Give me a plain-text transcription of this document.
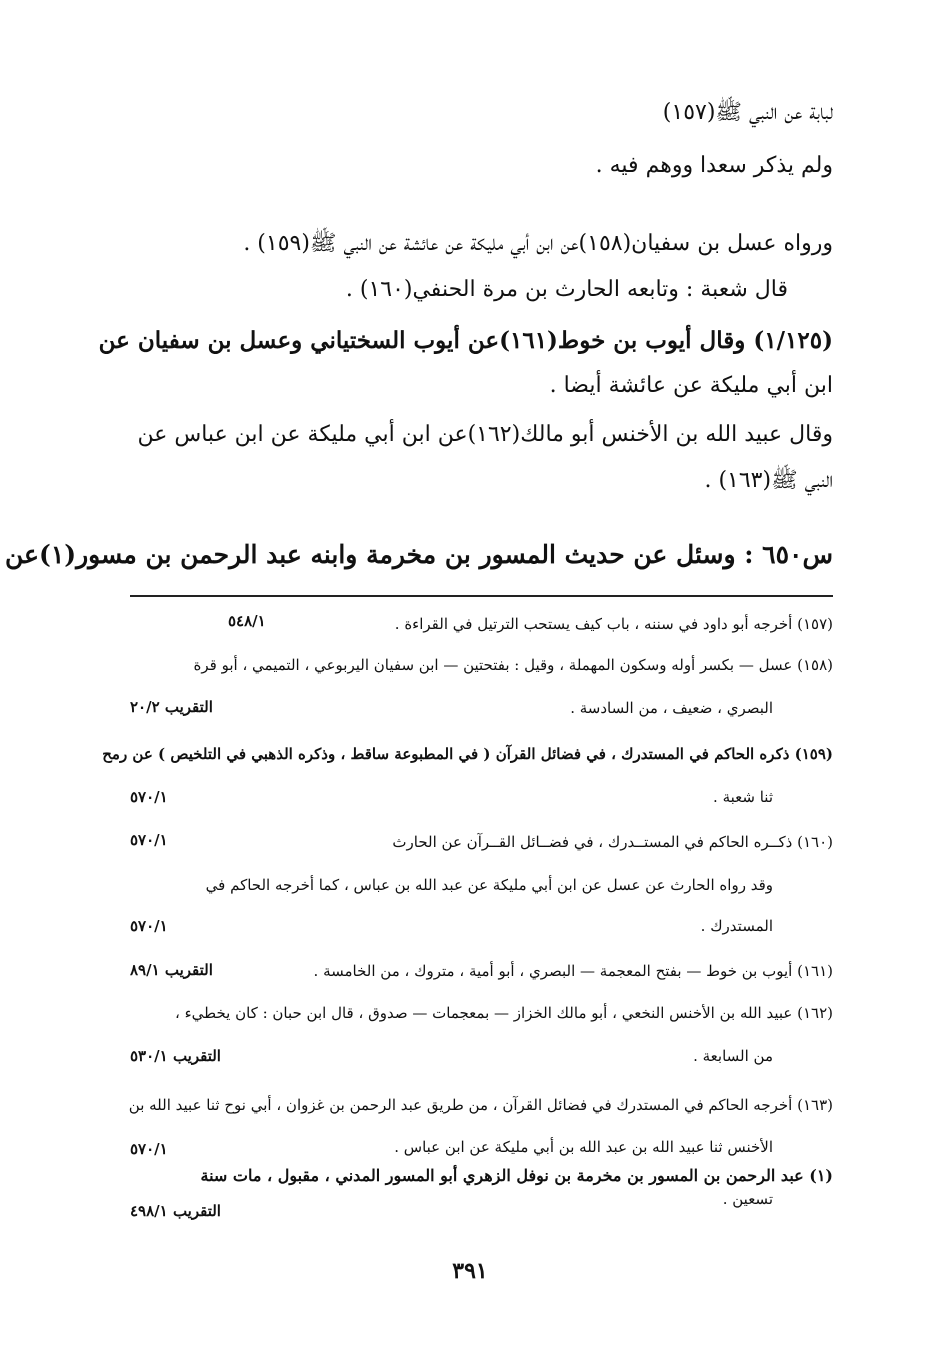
لبابة عن النبي ﷺ(١٥٧)
ولم يذكر سعدا ووهم فيه .
ورواه عسل بن سفيان(١٥٨)عن ابن أبي مليكة عن عائشة عن النبي ﷺ(١٥٩) .
قال شعبة : وتابعه الحارث بن مرة الحنفي(١٦٠) .
(١/١٢٥) وقال أيوب بن خوط(١٦١)عن أيوب السختياني وعسل بن سفيان عن
ابن أبي مليكة عن عائشة أيضا .
وقال عبيد الله بن الأخنس أبو مالك(١٦٢)عن ابن أبي مليكة عن ابن عباس عن
النبي ﷺ(١٦٣) .
س٦٥٠ : وسئل عن حديث المسور بن مخرمة وابنه عبد الرحمن بن مسور(١)عن
(١٥٧) أخرجه أبو داود في سننه ، باب كيف يستحب الترتيل في القراءة .
٥٤٨/١
(١٥٨) عسل — بكسر أوله وسكون المهملة ، وقيل : بفتحتين — ابن سفيان اليربوعي ، التميمي ، أبو قرة
البصري ، ضعيف ، من السادسة .
التقريب ٢٠/٢
(١٥٩) ذكره الحاكم في المستدرك ، في فضائل القرآن ( في المطبوعة ساقط ، وذكره الذهبي في التلخيص ) عن رمح
ثنا شعبة .
٥٧٠/١
(١٦٠) ذكــره الحاكم في المستــدرك ، في فضــائل القــرآن عن الحارث
٥٧٠/١
وقد رواه الحارث عن عسل عن ابن أبي مليكة عن عبد الله بن عباس ، كما أخرجه الحاكم في
المستدرك .
٥٧٠/١
(١٦١) أيوب بن خوط — بفتح المعجمة — البصري ، أبو أمية ، متروك ، من الخامسة .
التقريب ٨٩/١
(١٦٢) عبيد الله بن الأخنس النخعي ، أبو مالك الخزاز — بمعجمات — صدوق ، قال ابن حبان : كان يخطيء ،
من السابعة .
التقريب ٥٣٠/١
(١٦٣) أخرجه الحاكم في المستدرك في فضائل القرآن ، من طريق عبد الرحمن بن غزوان ، أبي نوح ثنا عبيد الله بن
الأخنس ثنا عبيد الله بن عبد الله بن أبي مليكة عن ابن عباس .
٥٧٠/١
(١) عبد الرحمن بن المسور بن مخرمة بن نوفل الزهري أبو المسور المدني ، مقبول ، مات سنة
تسعين .
التقريب ٤٩٨/١
٣٩١
